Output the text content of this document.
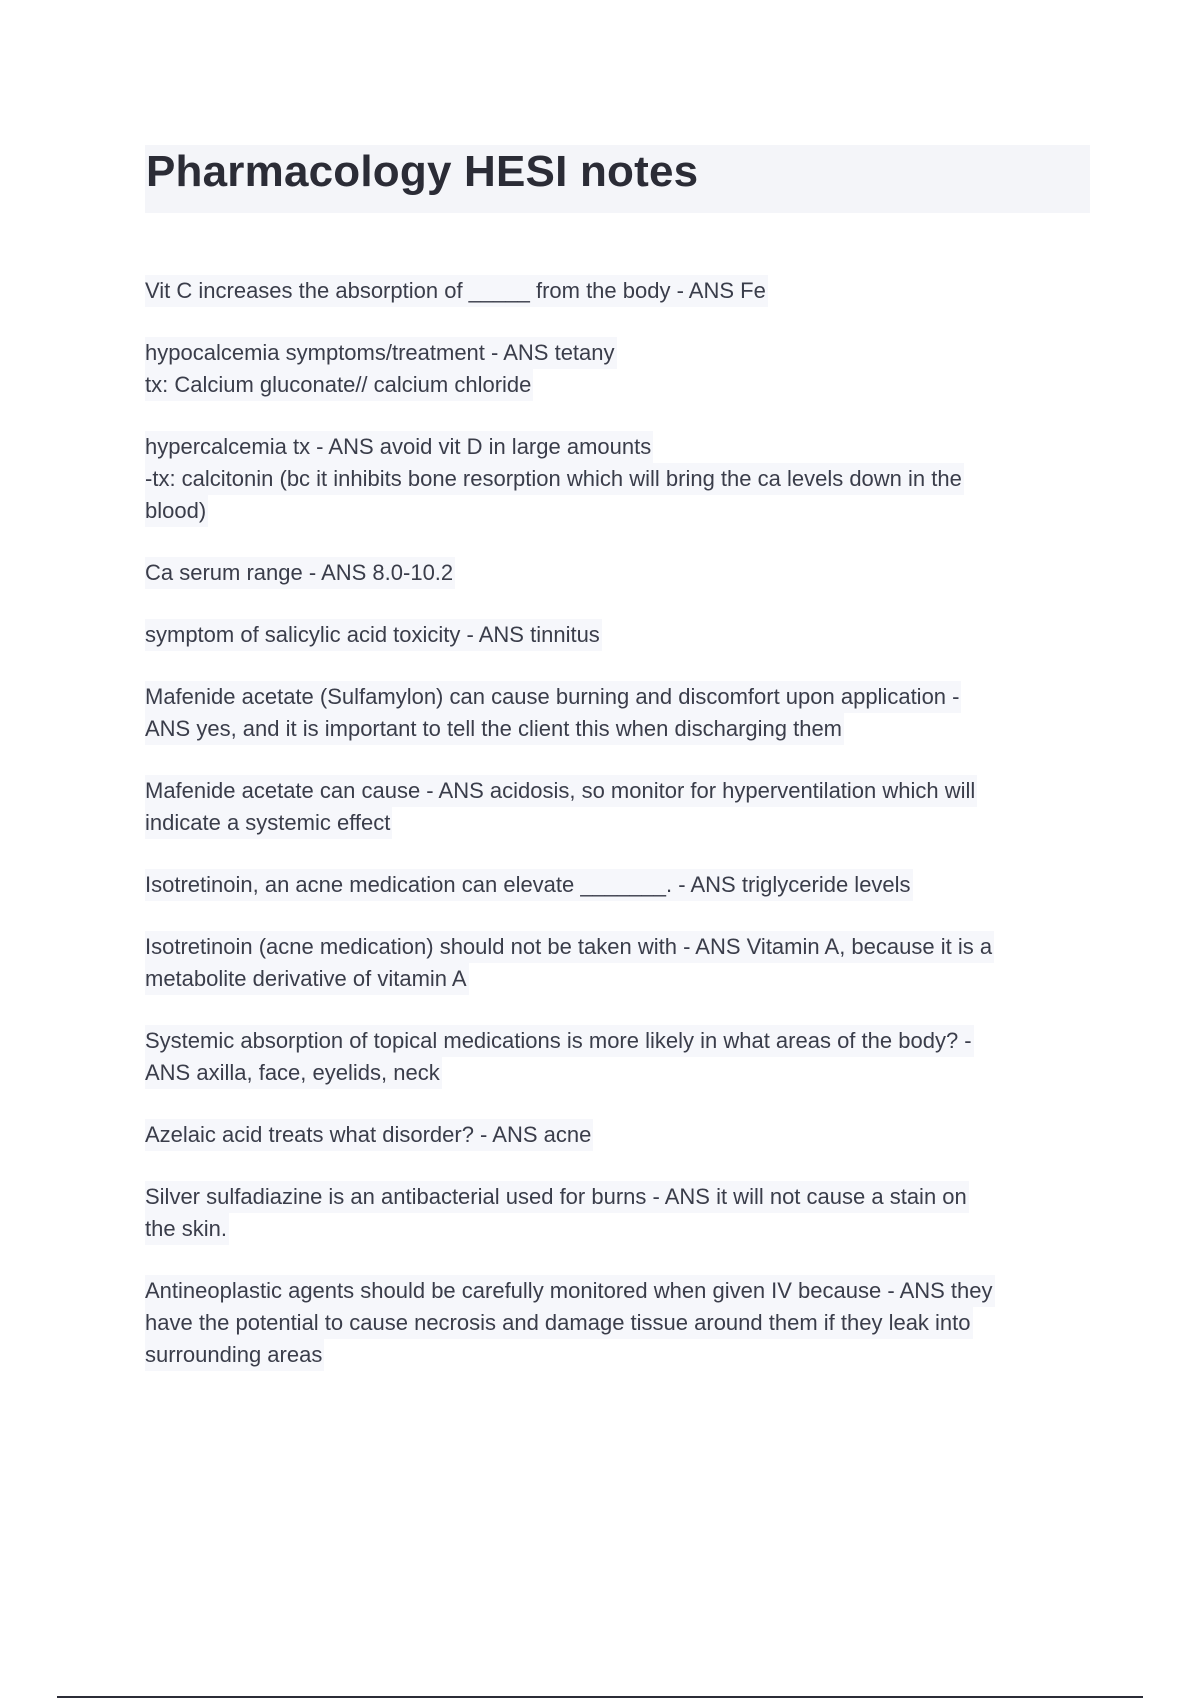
Pharmacology HESI notes
Vit C increases the absorption of _____ from the body - ANS Fe
hypocalcemia symptoms/treatment - ANS tetany
tx: Calcium gluconate// calcium chloride
hypercalcemia tx - ANS avoid vit D in large amounts
-tx: calcitonin (bc it inhibits bone resorption which will bring the ca levels down in the
blood)
Ca serum range - ANS 8.0-10.2
symptom of salicylic acid toxicity - ANS tinnitus
Mafenide acetate (Sulfamylon) can cause burning and discomfort upon application -
ANS yes, and it is important to tell the client this when discharging them
Mafenide acetate can cause - ANS acidosis, so monitor for hyperventilation which will
indicate a systemic effect
Isotretinoin, an acne medication can elevate _______. - ANS triglyceride levels
Isotretinoin (acne medication) should not be taken with - ANS Vitamin A, because it is a
metabolite derivative of vitamin A
Systemic absorption of topical medications is more likely in what areas of the body? -
ANS axilla, face, eyelids, neck
Azelaic acid treats what disorder? - ANS acne
Silver sulfadiazine is an antibacterial used for burns - ANS it will not cause a stain on
the skin.
Antineoplastic agents should be carefully monitored when given IV because - ANS they
have the potential to cause necrosis and damage tissue around them if they leak into
surrounding areas
